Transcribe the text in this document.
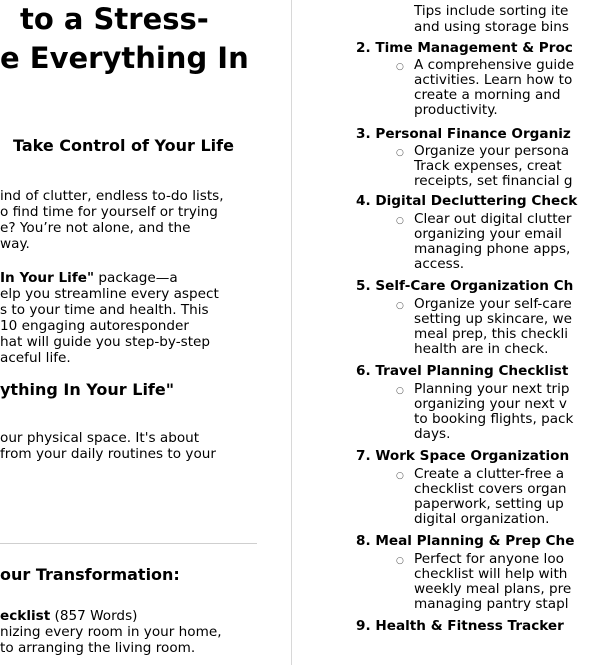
to a Stress-
e Everything In
Take Control of Your Life
ind of clutter, endless to-do lists,
o find time for yourself or trying
e? You’re not alone, and the
way.
In Your Life" package—a
elp you streamline every aspect
s to your time and health. This
10 engaging autoresponder
hat will guide you step-by-step
aceful life.
ything In Your Life"
our physical space. It's about
from your daily routines to your
our Transformation:
ecklist (857 Words)
nizing every room in your home,
to arranging the living room.
Tips include sorting ite
and using storage bins
2. Time Management & Proc
○ A comprehensive guide
activities. Learn how to
create a morning and
productivity.
3. Personal Finance Organiz
○ Organize your persona
Track expenses, creat
receipts, set financial g
4. Digital Decluttering Check
○ Clear out digital clutter
organizing your email
managing phone apps,
access.
5. Self-Care Organization Ch
○ Organize your self-care
setting up skincare, we
meal prep, this checkli
health are in check.
6. Travel Planning Checklist
○ Planning your next trip
organizing your next v
to booking flights, pack
days.
7. Work Space Organization
○ Create a clutter-free a
checklist covers organ
paperwork, setting up
digital organization.
8. Meal Planning & Prep Che
○ Perfect for anyone loo
checklist will help with
weekly meal plans, pre
managing pantry stapl
9. Health & Fitness Tracker
